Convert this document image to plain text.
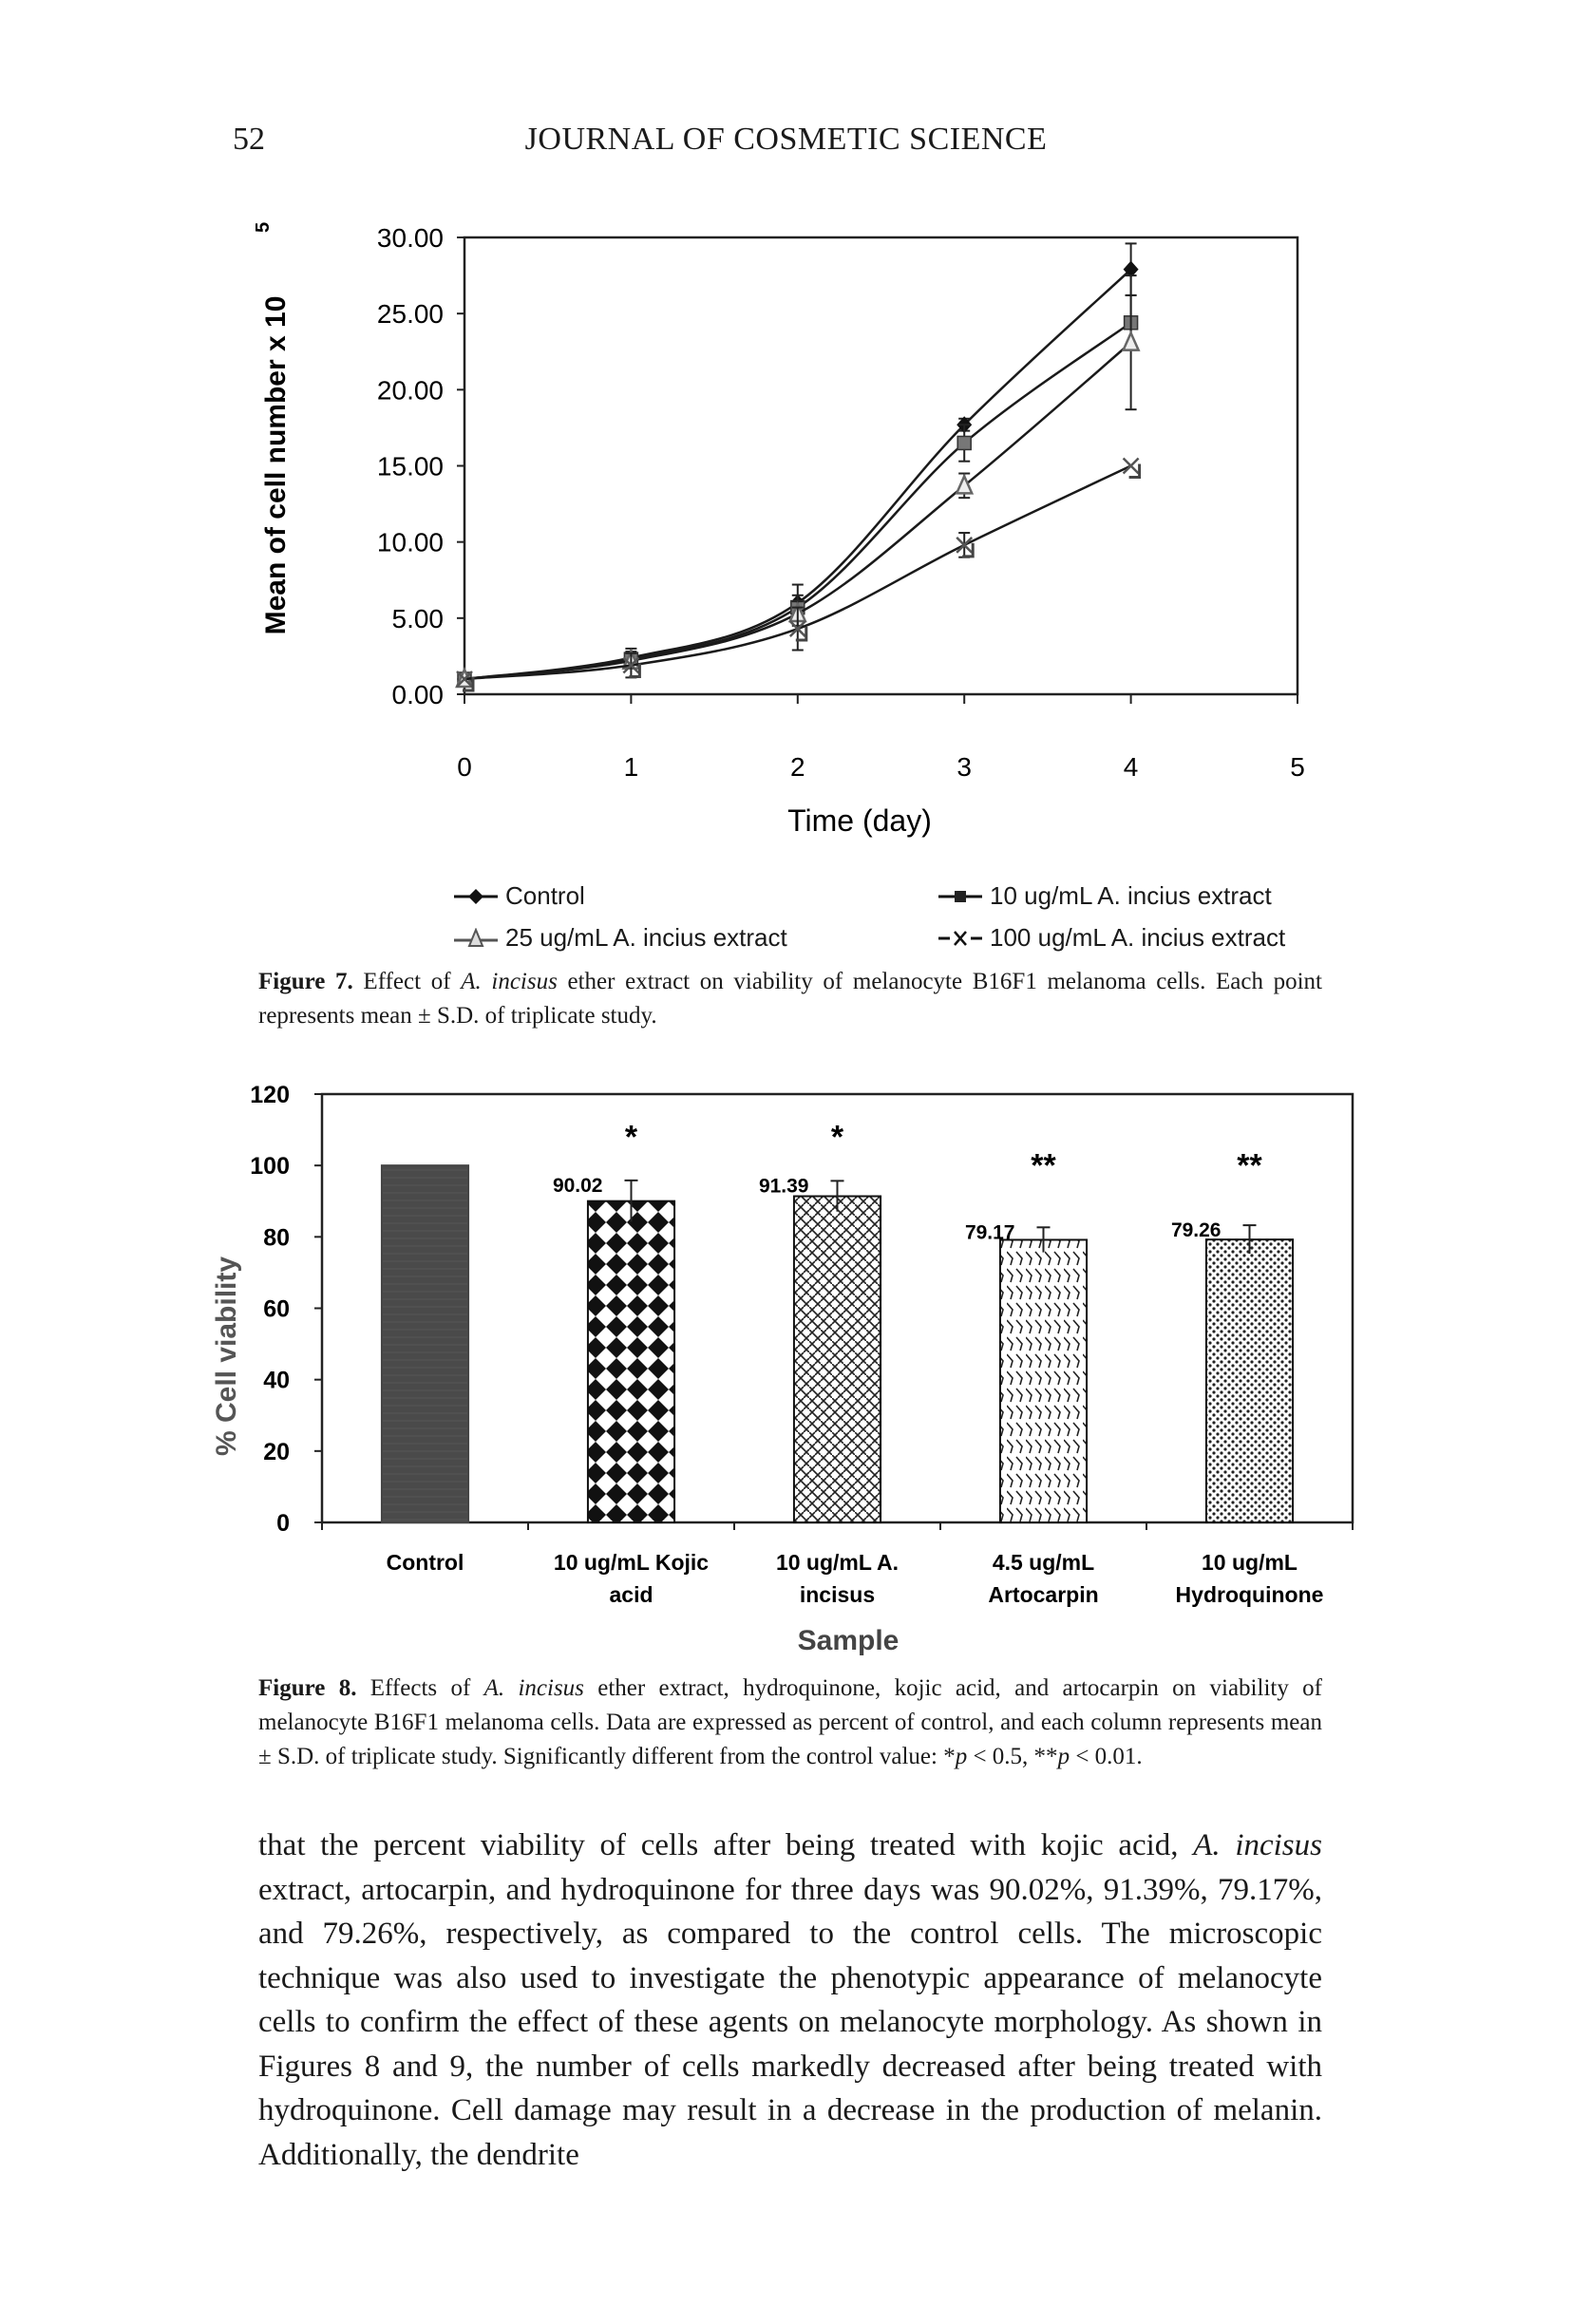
52	JOURNAL OF COSMETIC SCIENCE
0.00
5.00
10.00
15.00
20.00
25.00
30.00
0	1	2	3	4	5
Mean of cell number x 10
5
Time (day)
Control	10 ug/mL A. incius extract
25 ug/mL A. incius extract	100 ug/mL A. incius extract
Figure 7. Effect of A. incisus ether extract on viability of melanocyte B16F1 melanoma cells. Each point represents mean ± S.D. of triplicate study.
0
20
40
60
80
100
120
Control
90.02
*
10 ug/mL Kojic
acid
91.39
*
10 ug/mL A.
incisus
79.17
**
4.5 ug/mL
Artocarpin
79.26
**
10 ug/mL
Hydroquinone
% Cell viability
Sample
Figure 8. Effects of A. incisus ether extract, hydroquinone, kojic acid, and artocarpin on viability of melanocyte B16F1 melanoma cells. Data are expressed as percent of control, and each column represents mean ± S.D. of triplicate study. Significantly different from the control value: *p < 0.5, **p < 0.01.
that the percent viability of cells after being treated with kojic acid, A. incisus extract, artocarpin, and hydroquinone for three days was 90.02%, 91.39%, 79.17%, and 79.26%, respectively, as compared to the control cells. The microscopic technique was also used to investigate the phenotypic appearance of melanocyte cells to confirm the effect of these agents on melanocyte morphology. As shown in Figures 8 and 9, the number of cells markedly decreased after being treated with hydroquinone. Cell damage may result in a decrease in the production of melanin. Additionally, the dendrite
